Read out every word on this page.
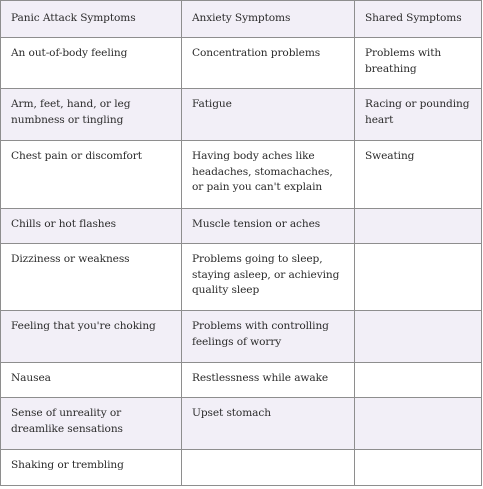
Panic Attack Symptoms	Anxiety Symptoms	Shared Symptoms
An out-of-body feeling	Concentration problems	Problems with breathing
Arm, feet, hand, or leg numbness or tingling	Fatigue	Racing or pounding heart
Chest pain or discomfort	Having body aches like headaches, stomachaches, or pain you can't explain	Sweating
Chills or hot flashes	Muscle tension or aches	
Dizziness or weakness	Problems going to sleep, staying asleep, or achieving quality sleep	
Feeling that you're choking	Problems with controlling feelings of worry	
Nausea	Restlessness while awake	
Sense of unreality or dreamlike sensations	Upset stomach	
Shaking or trembling		
